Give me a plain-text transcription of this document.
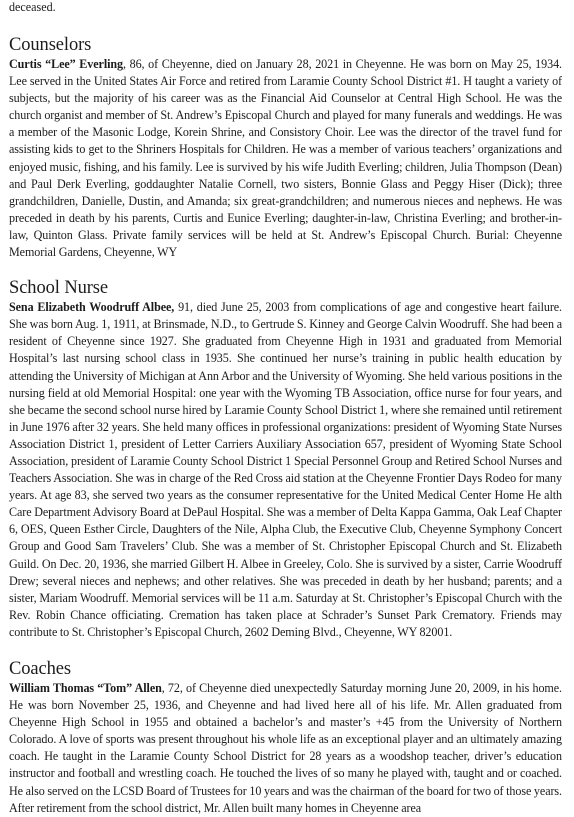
deceased.

Counselors

Curtis “Lee” Everling, 86, of Cheyenne, died on January 28, 2021 in Cheyenne. He was born on May 25, 1934. Lee served in the United States Air Force and retired from Laramie County School District #1. H taught a variety of subjects, but the majority of his career was as the Financial Aid Counselor at Central High School. He was the church organist and member of St. Andrew’s Episcopal Church and played for many funerals and weddings. He was a member of the Masonic Lodge, Korein Shrine, and Consistory Choir. Lee was the director of the travel fund for assisting kids to get to the Shriners Hospitals for Children. He was a member of various teachers’ organizations and enjoyed music, fishing, and his family. Lee is survived by his wife Judith Everling; children, Julia Thompson (Dean) and Paul Derk Everling, goddaughter Natalie Cornell, two sisters, Bonnie Glass and Peggy Hiser (Dick); three grandchildren, Danielle, Dustin, and Amanda; six great-grandchildren; and numerous nieces and nephews. He was preceded in death by his parents, Curtis and Eunice Everling; daughter-in-law, Christina Everling; and brother-in-law, Quinton Glass. Private family services will be held at St. Andrew’s Episcopal Church. Burial: Cheyenne Memorial Gardens, Cheyenne, WY

School Nurse

Sena Elizabeth Woodruff Albee, 91, died June 25, 2003 from complications of age and congestive heart failure. She was born Aug. 1, 1911, at Brinsmade, N.D., to Gertrude S. Kinney and George Calvin Woodruff. She had been a resident of Cheyenne since 1927. She graduated from Cheyenne High in 1931 and graduated from Memorial Hospital’s last nursing school class in 1935. She continued her nurse’s training in public health education by attending the University of Michigan at Ann Arbor and the University of Wyoming. She held various positions in the nursing field at old Memorial Hospital: one year with the Wyoming TB Association, office nurse for four years, and she became the second school nurse hired by Laramie County School District 1, where she remained until retirement in June 1976 after 32 years. She held many offices in professional organizations: president of Wyoming State Nurses Association District 1, president of Letter Carriers Auxiliary Association 657, president of Wyoming State School Association, president of Laramie County School District 1 Special Personnel Group and Retired School Nurses and Teachers Association. She was in charge of the Red Cross aid station at the Cheyenne Frontier Days Rodeo for many years. At age 83, she served two years as the consumer representative for the United Medical Center Home He alth Care Department Advisory Board at DePaul Hospital. She was a member of Delta Kappa Gamma, Oak Leaf Chapter 6, OES, Queen Esther Circle, Daughters of the Nile, Alpha Club, the Executive Club, Cheyenne Symphony Concert Group and Good Sam Travelers’ Club. She was a member of St. Christopher Episcopal Church and St. Elizabeth Guild. On Dec. 20, 1936, she married Gilbert H. Albee in Greeley, Colo. She is survived by a sister, Carrie Woodruff Drew; several nieces and nephews; and other relatives. She was preceded in death by her husband; parents; and a sister, Mariam Woodruff. Memorial services will be 11 a.m. Saturday at St. Christopher’s Episcopal Church with the Rev. Robin Chance officiating. Cremation has taken place at Schrader’s Sunset Park Crematory. Friends may contribute to St. Christopher’s Episcopal Church, 2602 Deming Blvd., Cheyenne, WY 82001.

Coaches

William Thomas “Tom” Allen, 72, of Cheyenne died unexpectedly Saturday morning June 20, 2009, in his home. He was born November 25, 1936, and Cheyenne and had lived here all of his life. Mr. Allen graduated from Cheyenne High School in 1955 and obtained a bachelor’s and master’s +45 from the University of Northern Colorado. A love of sports was present throughout his whole life as an exceptional player and an ultimately amazing coach. He taught in the Laramie County School District for 28 years as a woodshop teacher, driver’s education instructor and football and wrestling coach. He touched the lives of so many he played with, taught and or coached. He also served on the LCSD Board of Trustees for 10 years and was the chairman of the board for two of those years. After retirement from the school district, Mr. Allen built many homes in Cheyenne area
